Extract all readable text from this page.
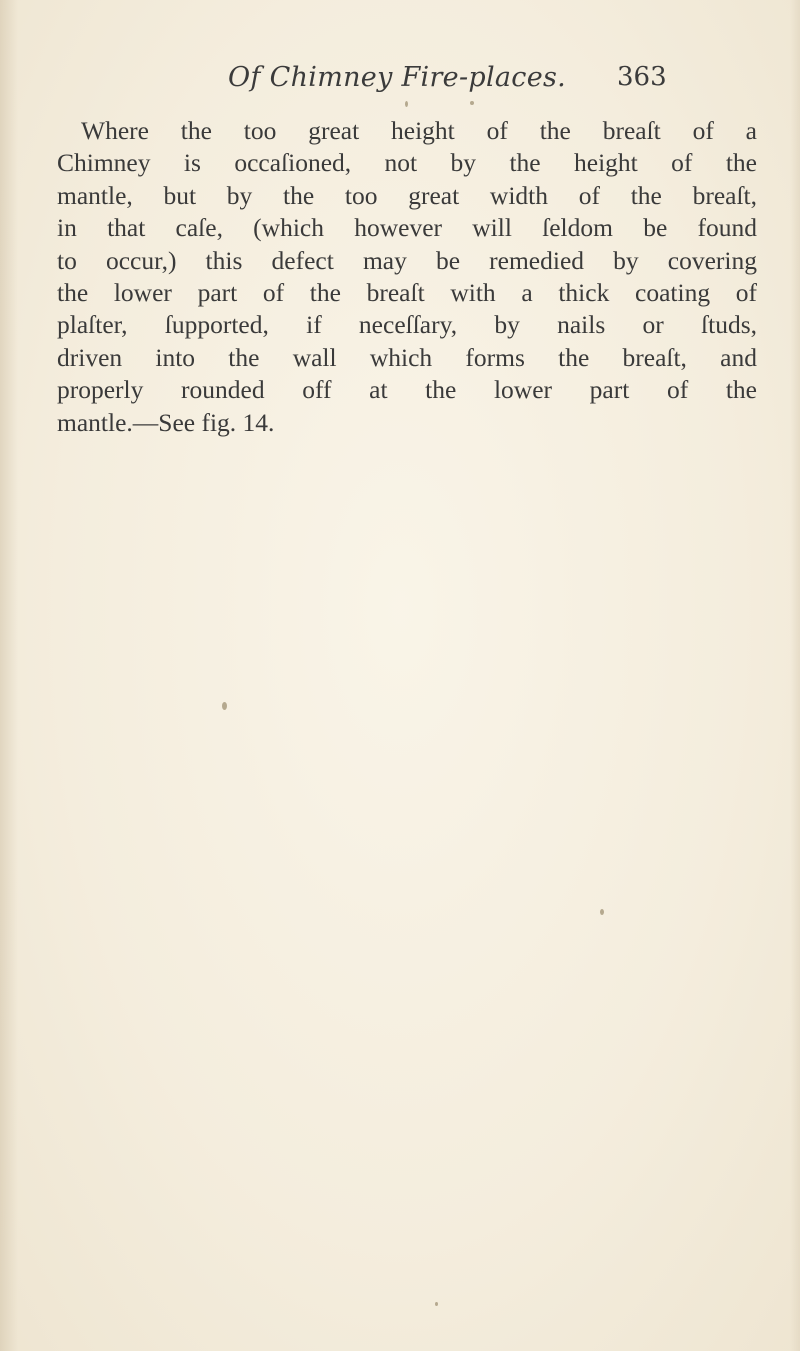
Of Chimney Fire-places. 363
Where the too great height of the breaſt of a
Chimney is occaſioned, not by the height of the
mantle, but by the too great width of the breaſt,
in that caſe, (which however will ſeldom be found
to occur,) this defect may be remedied by covering
the lower part of the breaſt with a thick coating of
plaſter, ſupported, if neceſſary, by nails or ſtuds,
driven into the wall which forms the breaſt, and
properly rounded off at the lower part of the
mantle.—See fig. 14.
